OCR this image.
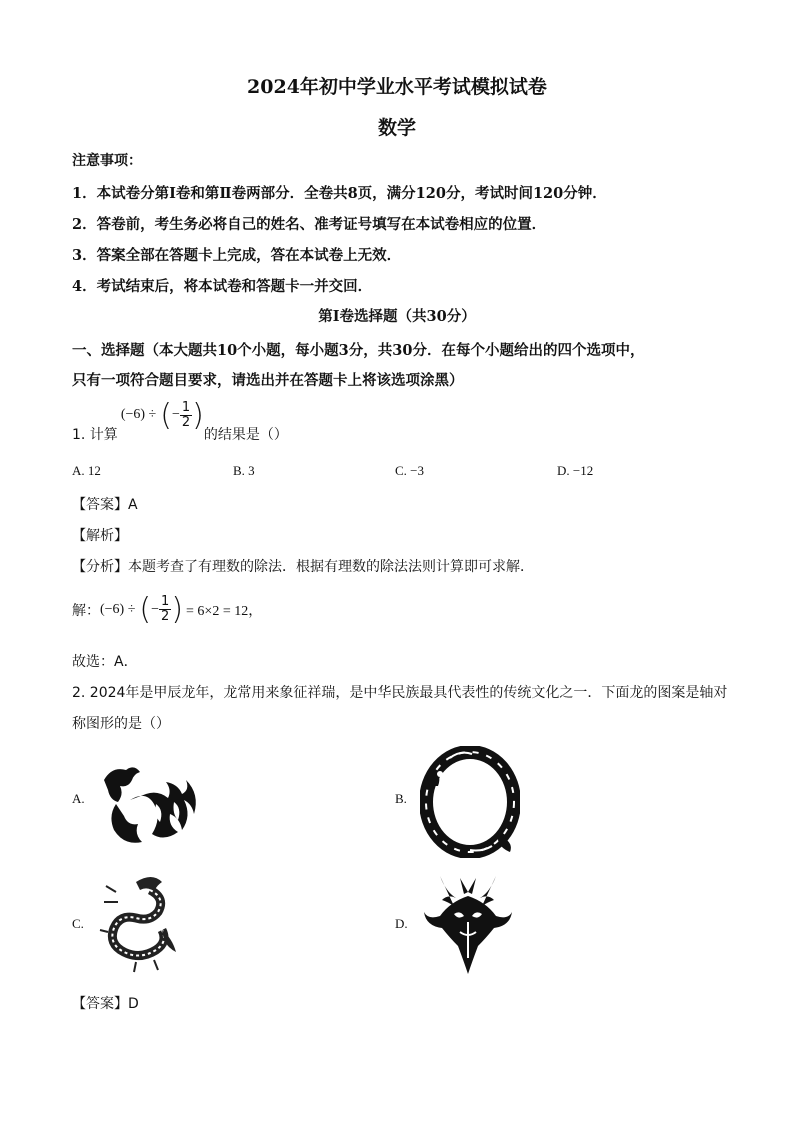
2024年初中学业水平考试模拟试卷
数学
注意事项：
1．本试卷分第Ⅰ卷和第Ⅱ卷两部分．全卷共8页，满分120分，考试时间120分钟．
2．答卷前，考生务必将自己的姓名、准考证号填写在本试卷相应的位置．
3．答案全部在答题卡上完成，答在本试卷上无效．
4．考试结束后，将本试卷和答题卡一并交回．
第Ⅰ卷选择题（共30分）
一、选择题（本大题共10个小题，每小题3分，共30分．在每个小题给出的四个选项中，
只有一项符合题目要求，请选出并在答题卡上将该选项涂黑）
1. 计算
(−6) ÷ ( − $\frac{1}{2}$ )
的结果是（）
A. 12	B. 3	C. −3	D. −12
【答案】A
【解析】
【分析】本题考查了有理数的除法．根据有理数的除法法则计算即可求解．
解： (−6) ÷ ( − $\frac{1}{2}$ ) = 6×2 = 12，
故选：A．
2. 2024年是甲辰龙年，龙常用来象征祥瑞，是中华民族最具代表性的传统文化之一．下面龙的图案是轴对
称图形的是（）
A.	B.
C.	D.
【答案】D
